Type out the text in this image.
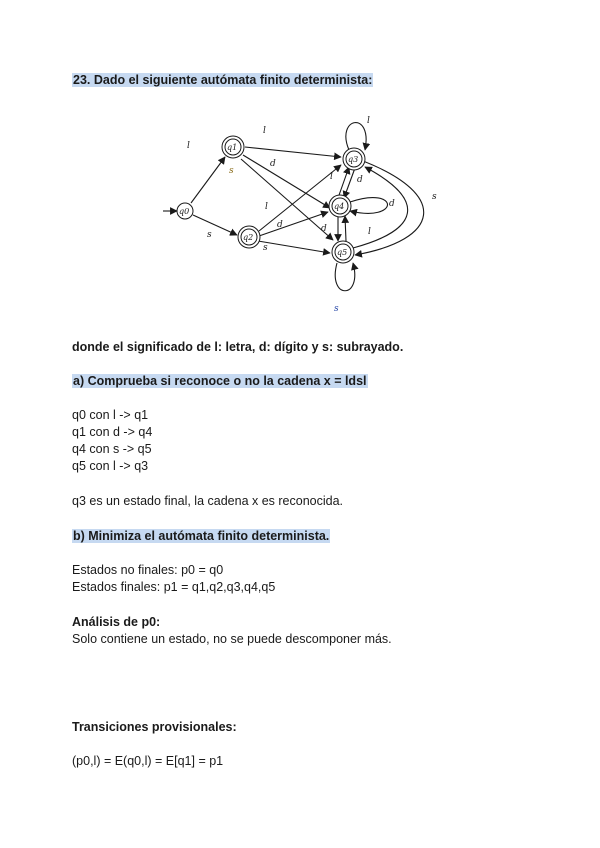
23. Dado el siguiente autómata finito determinista:
q0
q1
q2
q3
q4
q5
l
l
d
s
s
l
d
s
l
l	d
d
d
s
l
s
donde el significado de l: letra, d: dígito y s: subrayado.
a) Comprueba si reconoce o no la cadena x = ldsl
q0 con l -> q1
q1 con d -> q4
q4 con s -> q5
q5 con l -> q3
q3 es un estado final, la cadena x es reconocida.
b) Minimiza el autómata finito determinista.
Estados no finales: p0 = q0
Estados finales: p1 = q1,q2,q3,q4,q5
Análisis de p0:
Solo contiene un estado, no se puede descomponer más.
Transiciones provisionales:
(p0,l) = E(q0,l) = E[q1] = p1
